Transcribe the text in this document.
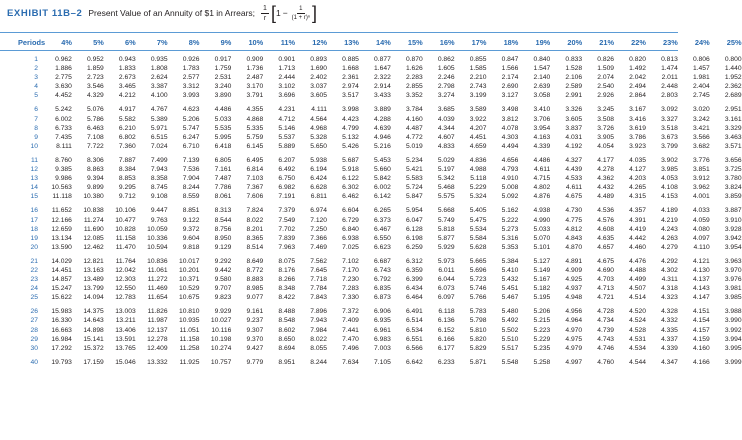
EXHIBIT 11B–2 Present Value of an Annuity of $1 in Arrears; $\frac{1}{r}$ [ $1 - \frac{1}{\text{(1 + r)ⁿ}}$ ]
Periods	4%	5%	6%	7%	8%	9%	10%	11%	12%	13%	14%	15%	16%	17%	18%	19%	20%	21%	22%	23%	24%	25%

1	0.962	0.952	0.943	0.935	0.926	0.917	0.909	0.901	0.893	0.885	0.877	0.870	0.862	0.855	0.847	0.840	0.833	0.826	0.820	0.813	0.806	0.800
2	1.886	1.859	1.833	1.808	1.783	1.759	1.736	1.713	1.690	1.668	1.647	1.626	1.605	1.585	1.566	1.547	1.528	1.509	1.492	1.474	1.457	1.440
3	2.775	2.723	2.673	2.624	2.577	2.531	2.487	2.444	2.402	2.361	2.322	2.283	2.246	2.210	2.174	2.140	2.106	2.074	2.042	2.011	1.981	1.952
4	3.630	3.546	3.465	3.387	3.312	3.240	3.170	3.102	3.037	2.974	2.914	2.855	2.798	2.743	2.690	2.639	2.589	2.540	2.494	2.448	2.404	2.362
5	4.452	4.329	4.212	4.100	3.993	3.890	3.791	3.696	3.605	3.517	3.433	3.352	3.274	3.199	3.127	3.058	2.991	2.926	2.864	2.803	2.745	2.689

6	5.242	5.076	4.917	4.767	4.623	4.486	4.355	4.231	4.111	3.998	3.889	3.784	3.685	3.589	3.498	3.410	3.326	3.245	3.167	3.092	3.020	2.951
7	6.002	5.786	5.582	5.389	5.206	5.033	4.868	4.712	4.564	4.423	4.288	4.160	4.039	3.922	3.812	3.706	3.605	3.508	3.416	3.327	3.242	3.161
8	6.733	6.463	6.210	5.971	5.747	5.535	5.335	5.146	4.968	4.799	4.639	4.487	4.344	4.207	4.078	3.954	3.837	3.726	3.619	3.518	3.421	3.329
9	7.435	7.108	6.802	6.515	6.247	5.995	5.759	5.537	5.328	5.132	4.946	4.772	4.607	4.451	4.303	4.163	4.031	3.905	3.786	3.673	3.566	3.463
10	8.111	7.722	7.360	7.024	6.710	6.418	6.145	5.889	5.650	5.426	5.216	5.019	4.833	4.659	4.494	4.339	4.192	4.054	3.923	3.799	3.682	3.571

11	8.760	8.306	7.887	7.499	7.139	6.805	6.495	6.207	5.938	5.687	5.453	5.234	5.029	4.836	4.656	4.486	4.327	4.177	4.035	3.902	3.776	3.656
12	9.385	8.863	8.384	7.943	7.536	7.161	6.814	6.492	6.194	5.918	5.660	5.421	5.197	4.988	4.793	4.611	4.439	4.278	4.127	3.985	3.851	3.725
13	9.986	9.394	8.853	8.358	7.904	7.487	7.103	6.750	6.424	6.122	5.842	5.583	5.342	5.118	4.910	4.715	4.533	4.362	4.203	4.053	3.912	3.780
14	10.563	9.899	9.295	8.745	8.244	7.786	7.367	6.982	6.628	6.302	6.002	5.724	5.468	5.229	5.008	4.802	4.611	4.432	4.265	4.108	3.962	3.824
15	11.118	10.380	9.712	9.108	8.559	8.061	7.606	7.191	6.811	6.462	6.142	5.847	5.575	5.324	5.092	4.876	4.675	4.489	4.315	4.153	4.001	3.859

16	11.652	10.838	10.106	9.447	8.851	8.313	7.824	7.379	6.974	6.604	6.265	5.954	5.668	5.405	5.162	4.938	4.730	4.536	4.357	4.189	4.033	3.887
17	12.166	11.274	10.477	9.763	9.122	8.544	8.022	7.549	7.120	6.729	6.373	6.047	5.749	5.475	5.222	4.990	4.775	4.576	4.391	4.219	4.059	3.910
18	12.659	11.690	10.828	10.059	9.372	8.756	8.201	7.702	7.250	6.840	6.467	6.128	5.818	5.534	5.273	5.033	4.812	4.608	4.419	4.243	4.080	3.928
19	13.134	12.085	11.158	10.336	9.604	8.950	8.365	7.839	7.366	6.938	6.550	6.198	5.877	5.584	5.316	5.070	4.843	4.635	4.442	4.263	4.097	3.942
20	13.590	12.462	11.470	10.594	9.818	9.129	8.514	7.963	7.469	7.025	6.623	6.259	5.929	5.628	5.353	5.101	4.870	4.657	4.460	4.279	4.110	3.954

21	14.029	12.821	11.764	10.836	10.017	9.292	8.649	8.075	7.562	7.102	6.687	6.312	5.973	5.665	5.384	5.127	4.891	4.675	4.476	4.292	4.121	3.963
22	14.451	13.163	12.042	11.061	10.201	9.442	8.772	8.176	7.645	7.170	6.743	6.359	6.011	5.696	5.410	5.149	4.909	4.690	4.488	4.302	4.130	3.970
23	14.857	13.489	12.303	11.272	10.371	9.580	8.883	8.266	7.718	7.230	6.792	6.399	6.044	5.723	5.432	5.167	4.925	4.703	4.499	4.311	4.137	3.976
24	15.247	13.799	12.550	11.469	10.529	9.707	8.985	8.348	7.784	7.283	6.835	6.434	6.073	5.746	5.451	5.182	4.937	4.713	4.507	4.318	4.143	3.981
25	15.622	14.094	12.783	11.654	10.675	9.823	9.077	8.422	7.843	7.330	6.873	6.464	6.097	5.766	5.467	5.195	4.948	4.721	4.514	4.323	4.147	3.985

26	15.983	14.375	13.003	11.826	10.810	9.929	9.161	8.488	7.896	7.372	6.906	6.491	6.118	5.783	5.480	5.206	4.956	4.728	4.520	4.328	4.151	3.988
27	16.330	14.643	13.211	11.987	10.935	10.027	9.237	8.548	7.943	7.409	6.935	6.514	6.136	5.798	5.492	5.215	4.964	4.734	4.524	4.332	4.154	3.990
28	16.663	14.898	13.406	12.137	11.051	10.116	9.307	8.602	7.984	7.441	6.961	6.534	6.152	5.810	5.502	5.223	4.970	4.739	4.528	4.335	4.157	3.992
29	16.984	15.141	13.591	12.278	11.158	10.198	9.370	8.650	8.022	7.470	6.983	6.551	6.166	5.820	5.510	5.229	4.975	4.743	4.531	4.337	4.159	3.994
30	17.292	15.372	13.765	12.409	11.258	10.274	9.427	8.694	8.055	7.496	7.003	6.566	6.177	5.829	5.517	5.235	4.979	4.746	4.534	4.339	4.160	3.995

40	19.793	17.159	15.046	13.332	11.925	10.757	9.779	8.951	8.244	7.634	7.105	6.642	6.233	5.871	5.548	5.258	4.997	4.760	4.544	4.347	4.166	3.999
